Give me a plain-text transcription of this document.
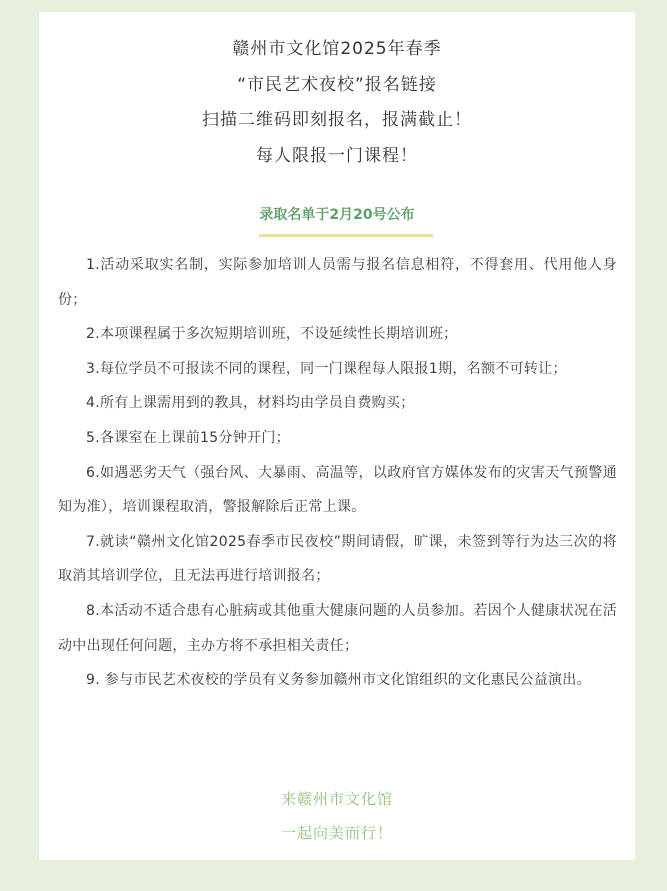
赣州市文化馆2025年春季
“市民艺术夜校”报名链接
扫描二维码即刻报名，报满截止！
每人限报一门课程！
录取名单于2月20号公布

1.活动采取实名制，实际参加培训人员需与报名信息相符，不得套用、代用他人身份；

2.本项课程属于多次短期培训班，不设延续性长期培训班；

3.每位学员不可报读不同的课程，同一门课程每人限报1期，名额不可转让；

4.所有上课需用到的教具，材料均由学员自费购买；

5.各课室在上课前15分钟开门；

6.如遇恶劣天气（强台风、大暴雨、高温等，以政府官方媒体发布的灾害天气预警通知为准），培训课程取消，警报解除后正常上课。

7.就读“赣州文化馆2025春季市民夜校”期间请假，旷课，未签到等行为达三次的将取消其培训学位，且无法再进行培训报名；

8.本活动不适合患有心脏病或其他重大健康问题的人员参加。若因个人健康状况在活动中出现任何问题，主办方将不承担相关责任；

9. 参与市民艺术夜校的学员有义务参加赣州市文化馆组织的文化惠民公益演出。

来赣州市文化馆
一起向美而行！
